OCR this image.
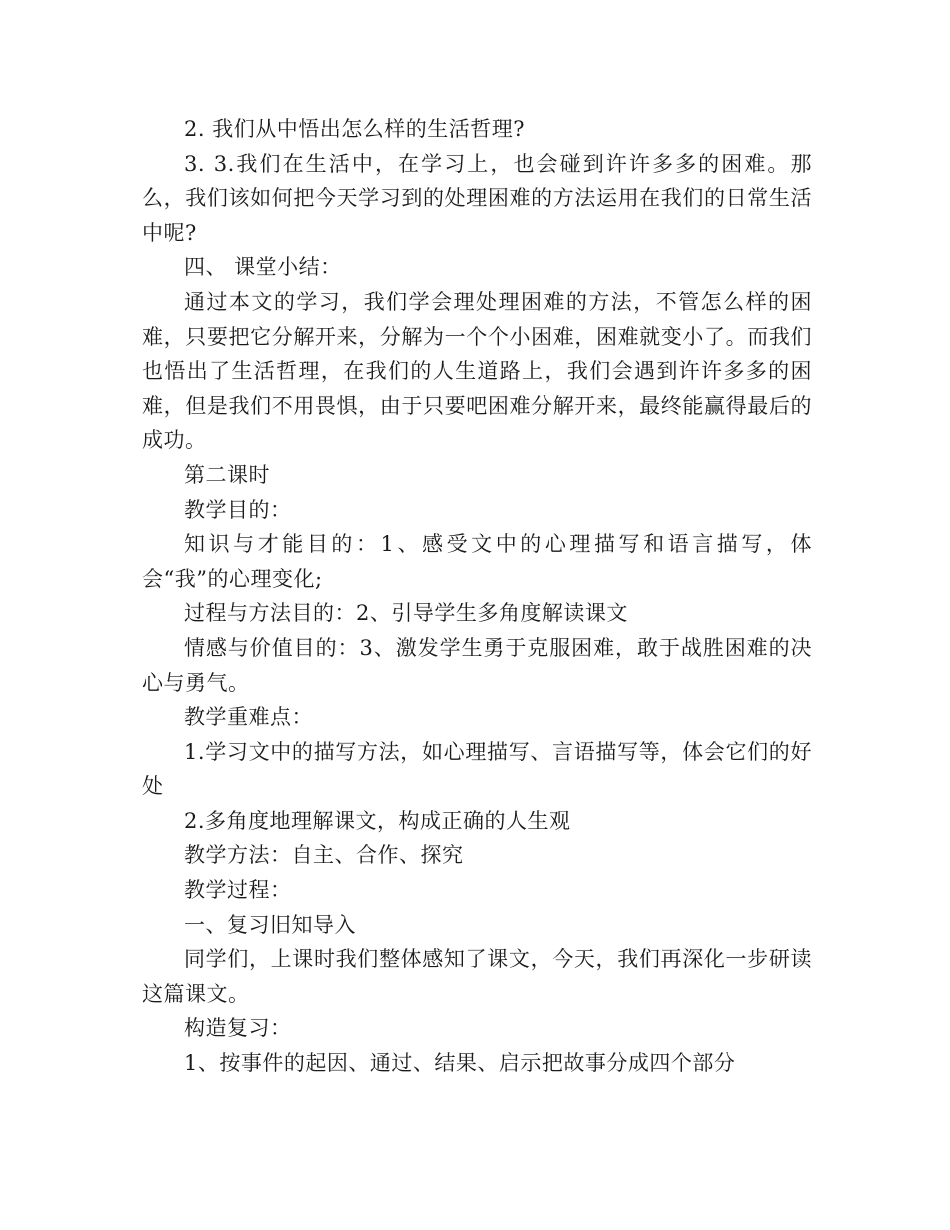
2. 我们从中悟出怎么样的生活哲理?

3. 3.我们在生活中，在学习上，也会碰到许许多多的困难。那么，我们该如何把今天学习到的处理困难的方法运用在我们的日常生活中呢?

四、 课堂小结：

通过本文的学习，我们学会理处理困难的方法，不管怎么样的困难，只要把它分解开来，分解为一个个小困难，困难就变小了。而我们也悟出了生活哲理，在我们的人生道路上，我们会遇到许许多多的困难，但是我们不用畏惧，由于只要吧困难分解开来，最终能赢得最后的成功。

第二课时

教学目的：

知识与才能目的：1、感受文中的心理描写和语言描写，体会“我”的心理变化;

过程与方法目的：2、引导学生多角度解读课文

情感与价值目的：3、激发学生勇于克服困难，敢于战胜困难的决心与勇气。

教学重难点：

1.学习文中的描写方法，如心理描写、言语描写等，体会它们的好处

2.多角度地理解课文，构成正确的人生观

教学方法：自主、合作、探究

教学过程：

一、复习旧知导入

同学们，上课时我们整体感知了课文，今天，我们再深化一步研读这篇课文。

构造复习：

1、按事件的起因、通过、结果、启示把故事分成四个部分
